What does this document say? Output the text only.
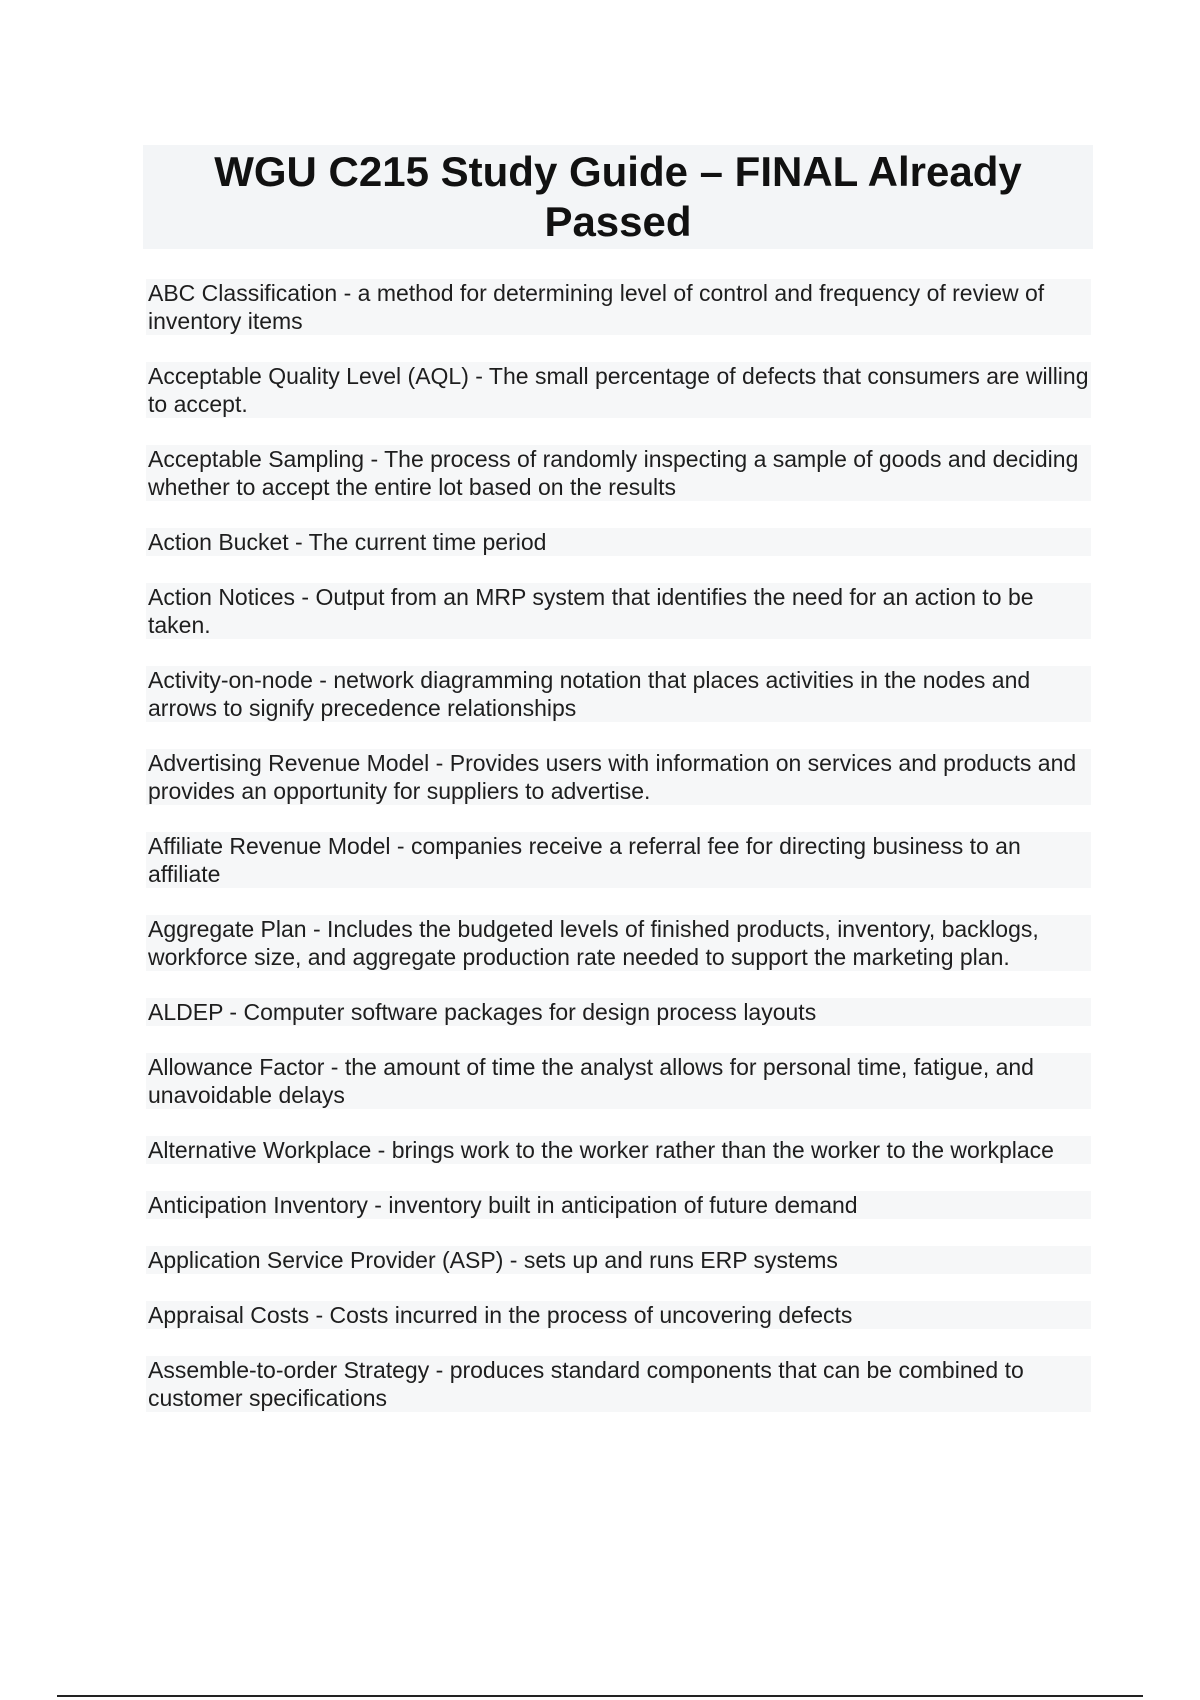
WGU C215 Study Guide – FINAL Already Passed

ABC Classification - a method for determining level of control and frequency of review of inventory items

Acceptable Quality Level (AQL) - The small percentage of defects that consumers are willing to accept.

Acceptable Sampling - The process of randomly inspecting a sample of goods and deciding whether to accept the entire lot based on the results

Action Bucket - The current time period

Action Notices - Output from an MRP system that identifies the need for an action to be taken.

Activity-on-node - network diagramming notation that places activities in the nodes and arrows to signify precedence relationships

Advertising Revenue Model - Provides users with information on services and products and provides an opportunity for suppliers to advertise.

Affiliate Revenue Model - companies receive a referral fee for directing business to an affiliate

Aggregate Plan - Includes the budgeted levels of finished products, inventory, backlogs, workforce size, and aggregate production rate needed to support the marketing plan.

ALDEP - Computer software packages for design process layouts

Allowance Factor - the amount of time the analyst allows for personal time, fatigue, and unavoidable delays

Alternative Workplace - brings work to the worker rather than the worker to the workplace

Anticipation Inventory - inventory built in anticipation of future demand

Application Service Provider (ASP) - sets up and runs ERP systems

Appraisal Costs - Costs incurred in the process of uncovering defects

Assemble-to-order Strategy - produces standard components that can be combined to customer specifications
